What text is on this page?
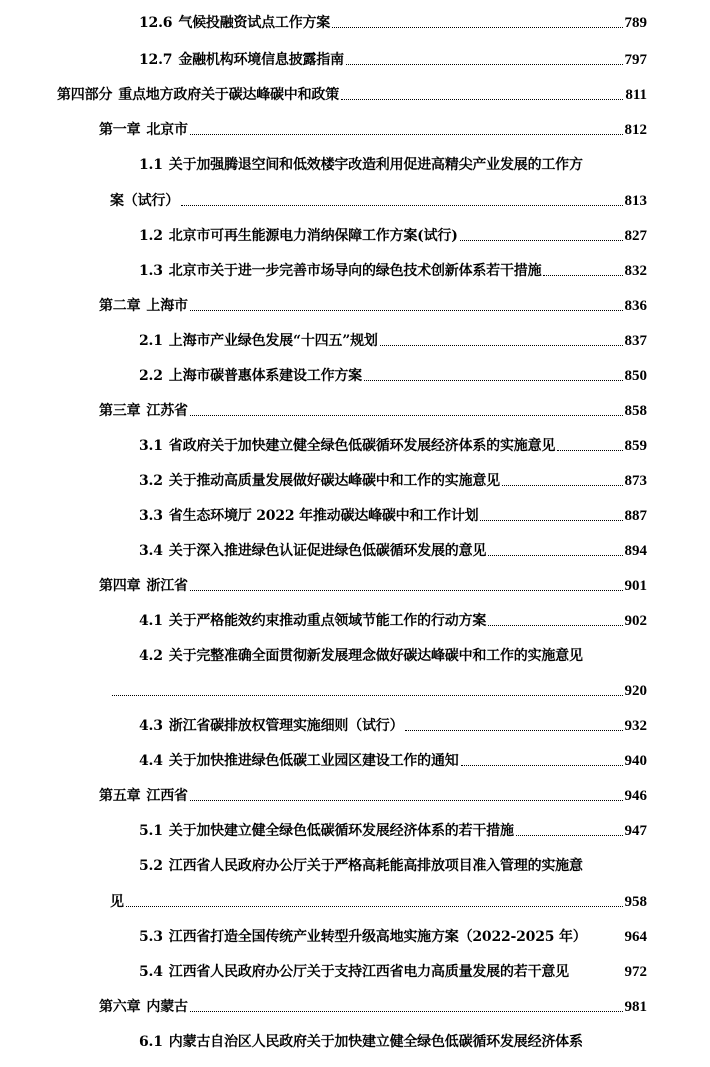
12.6 气候投融资试点工作方案	789
12.7 金融机构环境信息披露指南	797
第四部分 重点地方政府关于碳达峰碳中和政策	811
第一章 北京市	812
1.1 关于加强腾退空间和低效楼宇改造利用促进高精尖产业发展的工作方
案（试行）	813
1.2 北京市可再生能源电力消纳保障工作方案(试行)	827
1.3 北京市关于进一步完善市场导向的绿色技术创新体系若干措施	832
第二章 上海市	836
2.1 上海市产业绿色发展“十四五”规划	837
2.2 上海市碳普惠体系建设工作方案	850
第三章 江苏省	858
3.1 省政府关于加快建立健全绿色低碳循环发展经济体系的实施意见	859
3.2 关于推动高质量发展做好碳达峰碳中和工作的实施意见	873
3.3 省生态环境厅 2022 年推动碳达峰碳中和工作计划	887
3.4 关于深入推进绿色认证促进绿色低碳循环发展的意见	894
第四章 浙江省	901
4.1 关于严格能效约束推动重点领域节能工作的行动方案	902
4.2 关于完整准确全面贯彻新发展理念做好碳达峰碳中和工作的实施意见
920
4.3 浙江省碳排放权管理实施细则（试行）	932
4.4 关于加快推进绿色低碳工业园区建设工作的通知	940
第五章 江西省	946
5.1 关于加快建立健全绿色低碳循环发展经济体系的若干措施	947
5.2 江西省人民政府办公厅关于严格高耗能高排放项目准入管理的实施意
见	958
5.3 江西省打造全国传统产业转型升级高地实施方案（2022-2025 年）	964
5.4 江西省人民政府办公厅关于支持江西省电力高质量发展的若干意见	972
第六章 内蒙古	981
6.1 内蒙古自治区人民政府关于加快建立健全绿色低碳循环发展经济体系
